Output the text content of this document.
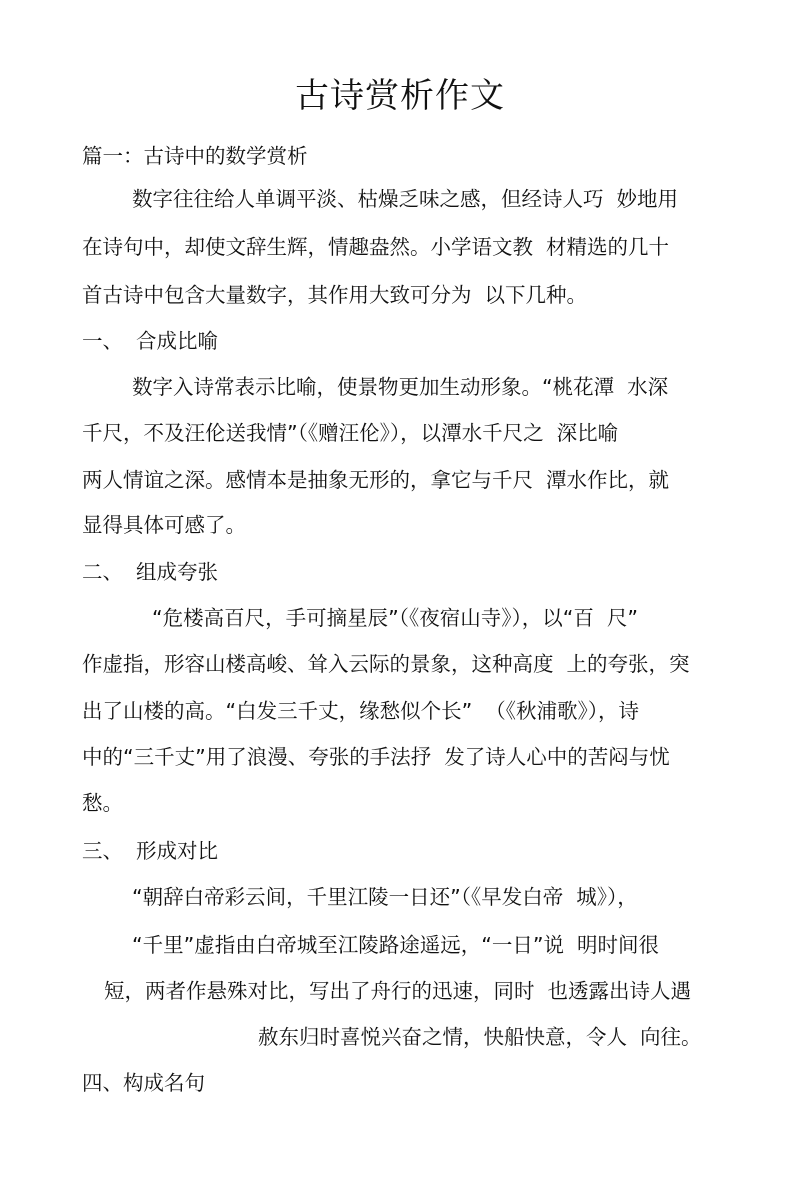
古诗赏析作文

篇一：古诗中的数学赏析

数字往往给人单调平淡、枯燥乏味之感，但经诗人巧  妙地用

在诗句中，却使文辞生辉，情趣盎然。小学语文教  材精选的几十

首古诗中包含大量数字，其作用大致可分为  以下几种。

一、  合成比喻

数字入诗常表示比喻，使景物更加生动形象。“桃花潭  水深

千尺，不及汪伦送我情”（《赠汪伦》），以潭水千尺之  深比喻

两人情谊之深。感情本是抽象无形的，拿它与千尺  潭水作比，就

显得具体可感了。

二、  组成夸张

“危楼高百尺，手可摘星辰”（《夜宿山寺》），以“百  尺”

作虚指，形容山楼高峻、耸入云际的景象，这种高度  上的夸张，突

出了山楼的高。“白发三千丈，缘愁似个长”  （《秋浦歌》），诗

中的“三千丈”用了浪漫、夸张的手法抒  发了诗人心中的苦闷与忧

愁。

三、  形成对比

“朝辞白帝彩云间，千里江陵一日还”（《早发白帝  城》），

“千里”虚指由白帝城至江陵路途遥远，“一日”说  明时间很

短，两者作悬殊对比，写出了舟行的迅速，同时  也透露出诗人遇

赦东归时喜悦兴奋之情，快船快意，令人  向往。

四、构成名句
